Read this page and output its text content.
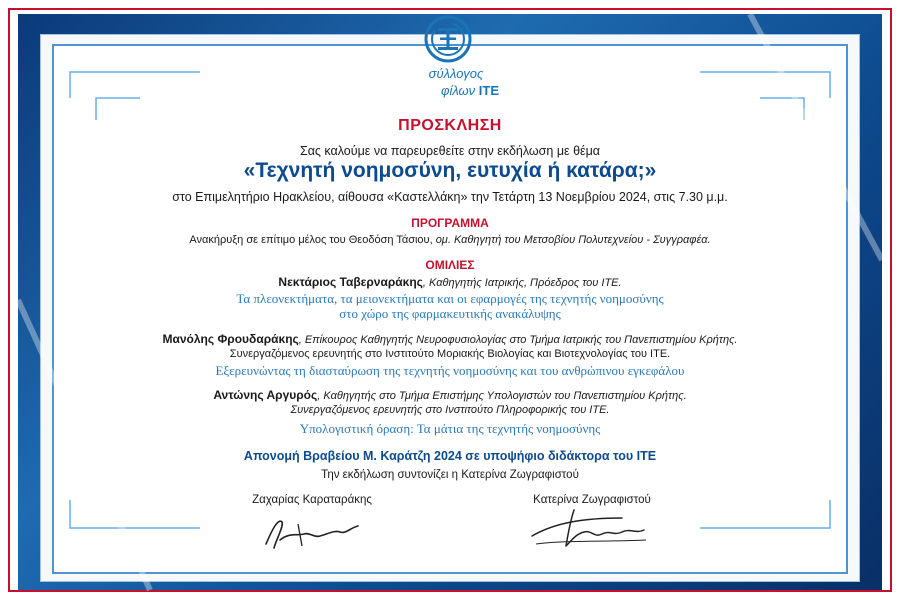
σύλλογος
φίλων ΙΤΕ

ΠΡΟΣΚΛΗΣΗ

Σας καλούμε να παρευρεθείτε στην εκδήλωση με θέμα

«Τεχνητή νοημοσύνη, ευτυχία ή κατάρα;»

στο Επιμελητήριο Ηρακλείου, αίθουσα «Καστελλάκη» την Τετάρτη 13 Νοεμβρίου 2024, στις 7.30 μ.μ.

ΠΡΟΓΡΑΜΜΑ

Ανακήρυξη σε επίτιμο μέλος του Θεοδόση Τάσιου, ομ. Καθηγητή του Μετσοβίου Πολυτεχνείου - Συγγραφέα.

ΟΜΙΛΙΕΣ

Νεκτάριος Ταβερναράκης, Καθηγητής Ιατρικής, Πρόεδρος του ΙΤΕ.

Τα πλεονεκτήματα, τα μειονεκτήματα και οι εφαρμογές της τεχνητής νοημοσύνης

στο χώρο της φαρμακευτικής ανακάλυψης

Μανόλης Φρουδαράκης, Επίκουρος Καθηγητής Νευροφυσιολογίας στο Τμήμα Ιατρικής του Πανεπιστημίου Κρήτης.

Συνεργαζόμενος ερευνητής στο Ινστιτούτο Μοριακής Βιολογίας και Βιοτεχνολογίας του ΙΤΕ.

Εξερευνώντας τη διασταύρωση της τεχνητής νοημοσύνης και του ανθρώπινου εγκεφάλου

Αντώνης Αργυρός, Καθηγητής στο Τμήμα Επιστήμης Υπολογιστών του Πανεπιστημίου Κρήτης.

Συνεργαζόμενος ερευνητής στο Ινστιτούτο Πληροφορικής του ΙΤΕ.

Υπολογιστική όραση: Τα μάτια της τεχνητής νοημοσύνης

Απονομή Βραβείου Μ. Καράτζη 2024 σε υποψήφιο διδάκτορα του ΙΤΕ

Την εκδήλωση συντονίζει η Κατερίνα Ζωγραφιστού

Ζαχαρίας Καραταράκης	Κατερίνα Ζωγραφιστού
